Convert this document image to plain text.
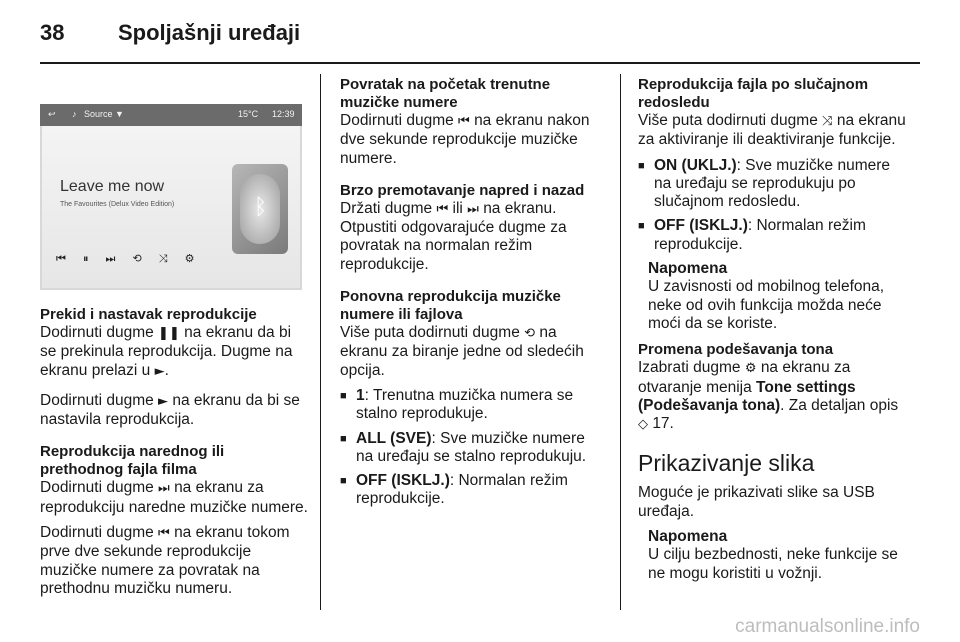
38 Spoljašnji uređaji
↩ ♪ Source ▼	15°C 12:39
Leave me now
The Favourites (Delux Video Edition)	ᛒ
⏮ ⏸ ⏭ ⟲ ⤨ ⚙
Prekid i nastavak reprodukcije

Dodirnuti dugme ❚❚ na ekranu da bi se prekinula reprodukcija. Dugme na ekranu prelazi u ►.

Dodirnuti dugme ► na ekranu da bi se nastavila reprodukcija.

Reprodukcija narednog ili prethodnog fajla filma

Dodirnuti dugme ⏭ na ekranu za reprodukciju naredne muzičke numere.

Dodirnuti dugme ⏮ na ekranu tokom prve dve sekunde reprodukcije muzičke numere za povratak na prethodnu muzičku numeru.

Povratak na početak trenutne muzičke numere

Dodirnuti dugme ⏮ na ekranu nakon dve sekunde reprodukcije muzičke numere.

Brzo premotavanje napred i nazad

Držati dugme ⏮ ili ⏭ na ekranu. Otpustiti odgovarajuće dugme za povratak na normalan režim reprodukcije.

Ponovna reprodukcija muzičke numere ili fajlova

Više puta dodirnuti dugme ⟲ na ekranu za biranje jedne od sledećih opcija.

■ 1: Trenutna muzička numera se stalno reprodukuje.
■ ALL (SVE): Sve muzičke numere na uređaju se stalno reprodukuju.
■ OFF (ISKLJ.): Normalan režim reprodukcije.
Reprodukcija fajla po slučajnom redosledu

Više puta dodirnuti dugme ⤨ na ekranu za aktiviranje ili deaktiviranje funkcije.

■ ON (UKLJ.): Sve muzičke numere na uređaju se reprodukuju po slučajnom redosledu.
■ OFF (ISKLJ.): Normalan režim reprodukcije.
Napomena
U zavisnosti od mobilnog telefona, neke od ovih funkcija možda neće moći da se koriste.
Promena podešavanja tona

Izabrati dugme ⚙ na ekranu za otvaranje menija Tone settings (Podešavanja tona). Za detaljan opis ◇ 17.

Prikazivanje slika

Moguće je prikazivati slike sa USB uređaja.

Napomena
U cilju bezbednosti, neke funkcije se ne mogu koristiti u vožnji.
carmanualsonline.info
